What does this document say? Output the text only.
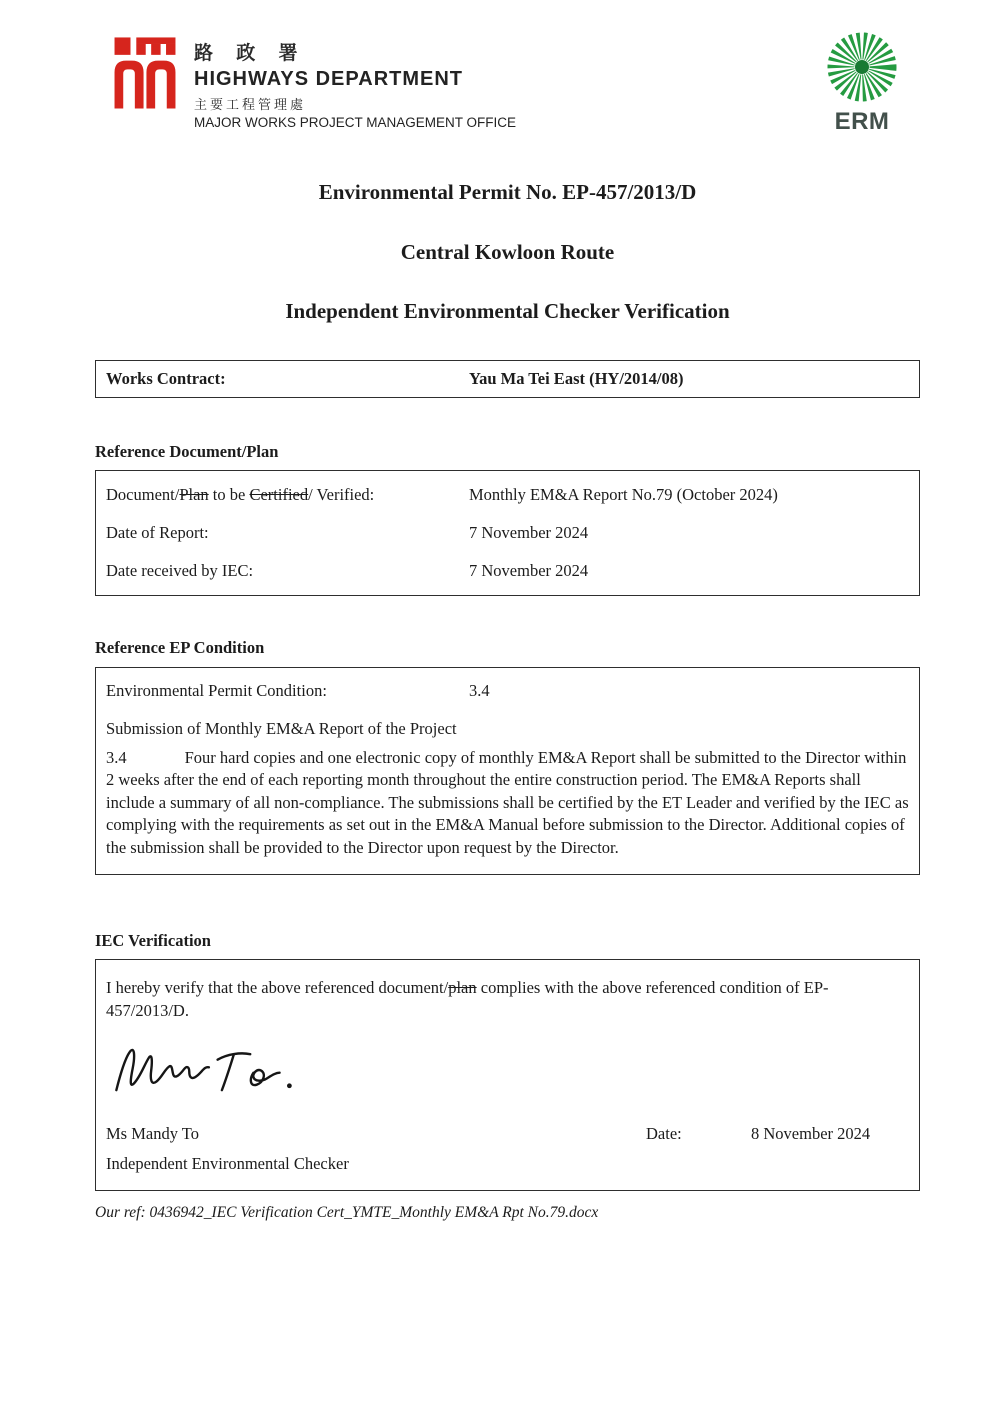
路 政 署
HIGHWAYS DEPARTMENT
主要工程管理處
MAJOR WORKS PROJECT MANAGEMENT OFFICE	ERM
Environmental Permit No. EP-457/2013/D
Central Kowloon Route
Independent Environmental Checker Verification
Works Contract:	Yau Ma Tei East (HY/2014/08)
Reference Document/Plan
Document/Plan to be Certified/ Verified:	Monthly EM&A Report No.79 (October 2024)
Date of Report:	7 November 2024
Date received by IEC:	7 November 2024
Reference EP Condition
Environmental Permit Condition:	3.4

Submission of Monthly EM&A Report of the Project

3.4	Four hard copies and one electronic copy of monthly EM&A Report shall be submitted to the Director within 2 weeks after the end of each reporting month throughout the entire construction period. The EM&A Reports shall include a summary of all non-compliance. The submissions shall be certified by the ET Leader and verified by the IEC as complying with the requirements as set out in the EM&A Manual before submission to the Director. Additional copies of the submission shall be provided to the Director upon request by the Director.

IEC Verification

I hereby verify that the above referenced document/plan complies with the above referenced condition of EP-457/2013/D.

Ms Mandy To	Date:	8 November 2024
Independent Environmental Checker

Our ref: 0436942_IEC Verification Cert_YMTE_Monthly EM&A Rpt No.79.docx
